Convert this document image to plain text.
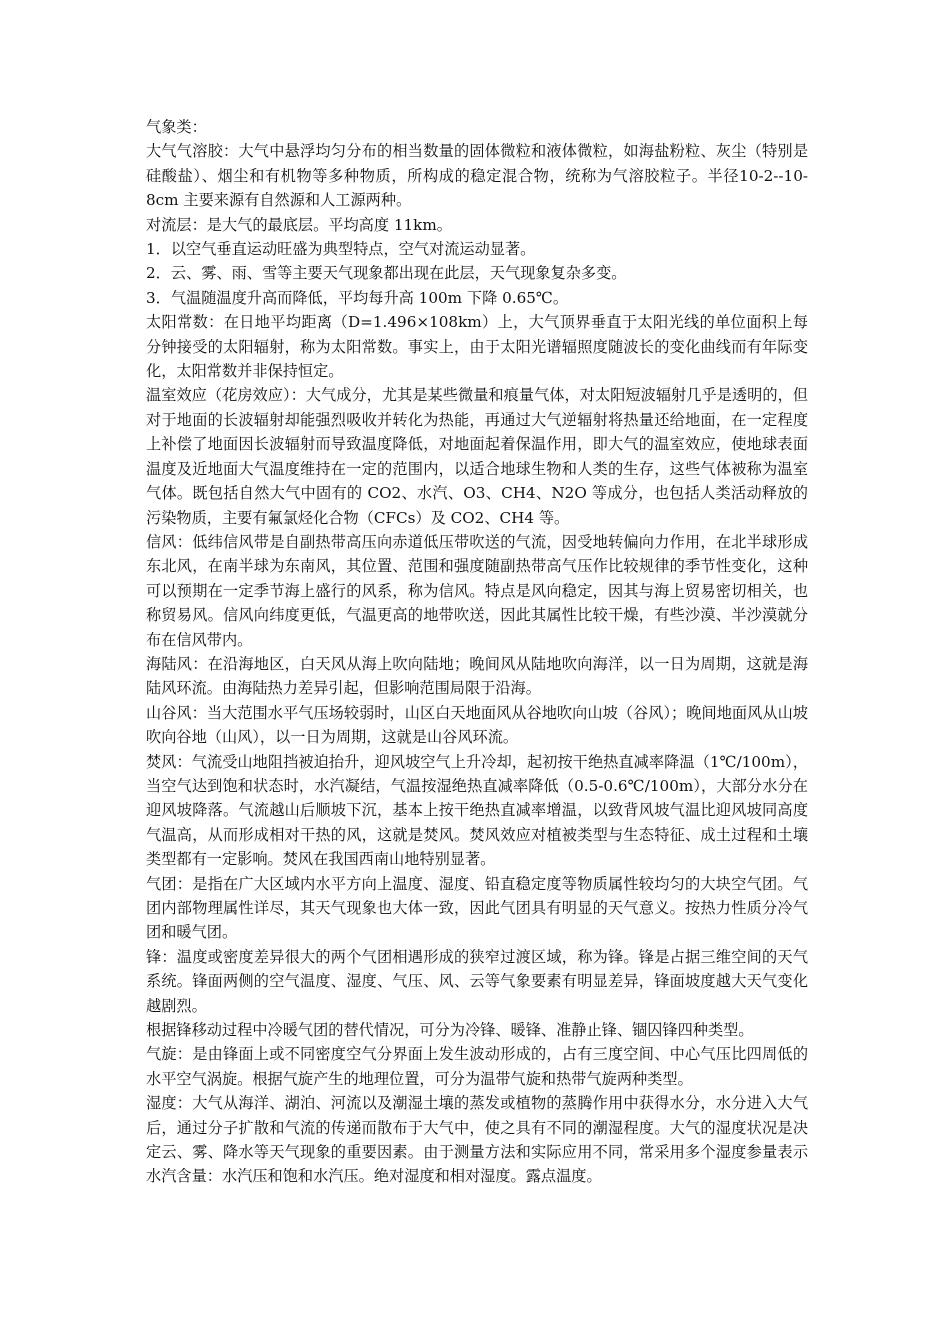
气象类：

大气气溶胶：大气中悬浮均匀分布的相当数量的固体微粒和液体微粒，如海盐粉粒、灰尘（特别是硅酸盐）、烟尘和有机物等多种物质，所构成的稳定混合物，统称为气溶胶粒子。半径10-2--10-8cm 主要来源有自然源和人工源两种。

对流层：是大气的最底层。平均高度 11km。

1．以空气垂直运动旺盛为典型特点，空气对流运动显著。

2．云、雾、雨、雪等主要天气现象都出现在此层，天气现象复杂多变。

3．气温随温度升高而降低，平均每升高 100m 下降 0.65℃。

太阳常数：在日地平均距离（D=1.496×108km）上，大气顶界垂直于太阳光线的单位面积上每分钟接受的太阳辐射，称为太阳常数。事实上，由于太阳光谱辐照度随波长的变化曲线而有年际变化，太阳常数并非保持恒定。

温室效应（花房效应）：大气成分，尤其是某些微量和痕量气体，对太阳短波辐射几乎是透明的，但对于地面的长波辐射却能强烈吸收并转化为热能，再通过大气逆辐射将热量还给地面，在一定程度上补偿了地面因长波辐射而导致温度降低，对地面起着保温作用，即大气的温室效应，使地球表面温度及近地面大气温度维持在一定的范围内，以适合地球生物和人类的生存，这些气体被称为温室气体。既包括自然大气中固有的 CO2、水汽、O3、CH4、N2O 等成分，也包括人类活动释放的污染物质，主要有氟氯烃化合物（CFCs）及 CO2、CH4 等。

信风：低纬信风带是自副热带高压向赤道低压带吹送的气流，因受地转偏向力作用，在北半球形成东北风，在南半球为东南风，其位置、范围和强度随副热带高气压作比较规律的季节性变化，这种可以预期在一定季节海上盛行的风系，称为信风。特点是风向稳定，因其与海上贸易密切相关，也称贸易风。信风向纬度更低，气温更高的地带吹送，因此其属性比较干燥，有些沙漠、半沙漠就分布在信风带内。

海陆风：在沿海地区，白天风从海上吹向陆地；晚间风从陆地吹向海洋，以一日为周期，这就是海陆风环流。由海陆热力差异引起，但影响范围局限于沿海。

山谷风：当大范围水平气压场较弱时，山区白天地面风从谷地吹向山坡（谷风）；晚间地面风从山坡吹向谷地（山风），以一日为周期，这就是山谷风环流。

焚风：气流受山地阻挡被迫抬升，迎风坡空气上升冷却，起初按干绝热直减率降温（1℃/100m），当空气达到饱和状态时，水汽凝结，气温按湿绝热直减率降低（0.5-0.6℃/100m），大部分水分在迎风坡降落。气流越山后顺坡下沉，基本上按干绝热直减率增温，以致背风坡气温比迎风坡同高度气温高，从而形成相对干热的风，这就是焚风。焚风效应对植被类型与生态特征、成土过程和土壤类型都有一定影响。焚风在我国西南山地特别显著。

气团：是指在广大区域内水平方向上温度、湿度、铅直稳定度等物质属性较均匀的大块空气团。气团内部物理属性详尽，其天气现象也大体一致，因此气团具有明显的天气意义。按热力性质分冷气团和暖气团。

锋：温度或密度差异很大的两个气团相遇形成的狭窄过渡区域，称为锋。锋是占据三维空间的天气系统。锋面两侧的空气温度、湿度、气压、风、云等气象要素有明显差异，锋面坡度越大天气变化越剧烈。

根据锋移动过程中冷暖气团的替代情况，可分为冷锋、暖锋、准静止锋、锢囚锋四种类型。

气旋：是由锋面上或不同密度空气分界面上发生波动形成的，占有三度空间、中心气压比四周低的水平空气涡旋。根据气旋产生的地理位置，可分为温带气旋和热带气旋两种类型。

湿度：大气从海洋、湖泊、河流以及潮湿土壤的蒸发或植物的蒸腾作用中获得水分，水分进入大气后，通过分子扩散和气流的传递而散布于大气中，使之具有不同的潮湿程度。大气的湿度状况是决定云、雾、降水等天气现象的重要因素。由于测量方法和实际应用不同，常采用多个湿度参量表示水汽含量：水汽压和饱和水汽压。绝对湿度和相对湿度。露点温度。
